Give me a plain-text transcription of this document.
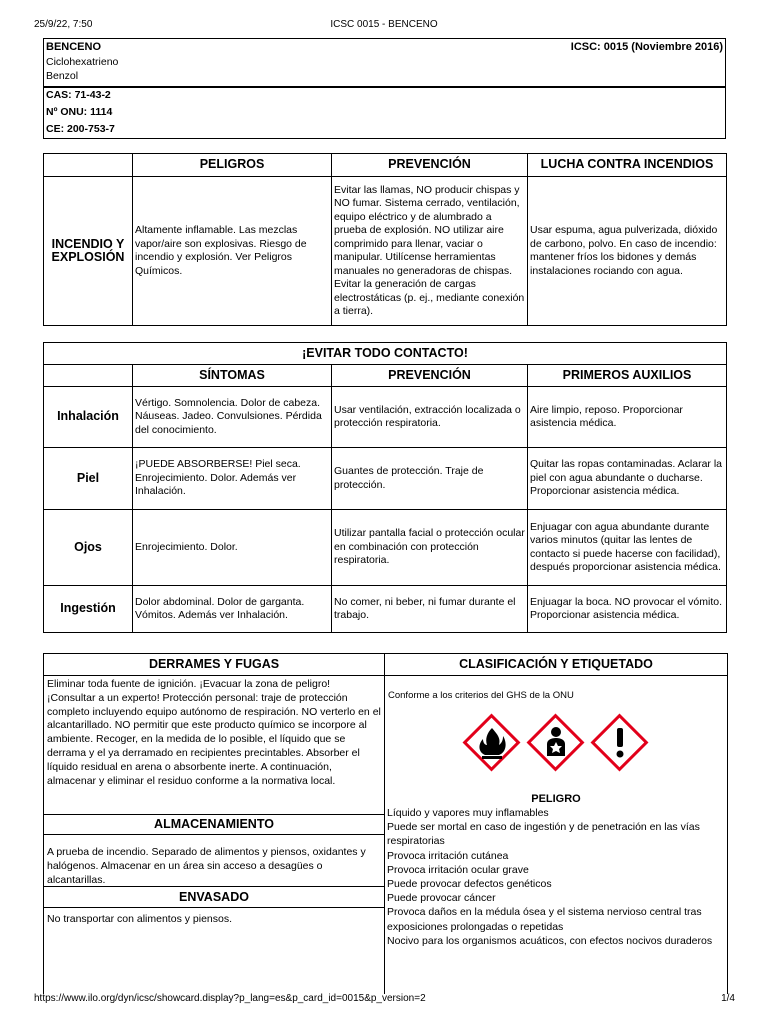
25/9/22, 7:50	ICSC 0015 - BENCENO
BENCENO
Ciclohexatrieno
Benzol
ICSC: 0015 (Noviembre 2016)
CAS: 71-43-2
Nº ONU: 1114
CE: 200-753-7
	PELIGROS	PREVENCIÓN	LUCHA CONTRA INCENDIOS
INCENDIO Y EXPLOSIÓN	Altamente inflamable. Las mezclas vapor/aire son explosivas. Riesgo de incendio y explosión. Ver Peligros Químicos.	Evitar las llamas, NO producir chispas y NO fumar. Sistema cerrado, ventilación, equipo eléctrico y de alumbrado a prueba de explosión. NO utilizar aire comprimido para llenar, vaciar o manipular. Utilícense herramientas manuales no generadoras de chispas. Evitar la generación de cargas electrostáticas (p. ej., mediante conexión a tierra).	Usar espuma, agua pulverizada, dióxido de carbono, polvo. En caso de incendio: mantener fríos los bidones y demás instalaciones rociando con agua.
¡EVITAR TODO CONTACTO!			
	SÍNTOMAS	PREVENCIÓN	PRIMEROS AUXILIOS
Inhalación	Vértigo. Somnolencia. Dolor de cabeza. Náuseas. Jadeo. Convulsiones. Pérdida del conocimiento.	Usar ventilación, extracción localizada o protección respiratoria.	Aire limpio, reposo. Proporcionar asistencia médica.
Piel	¡PUEDE ABSORBERSE! Piel seca. Enrojecimiento. Dolor. Además ver Inhalación.	Guantes de protección. Traje de protección.	Quitar las ropas contaminadas. Aclarar la piel con agua abundante o ducharse. Proporcionar asistencia médica.
Ojos	Enrojecimiento. Dolor.	Utilizar pantalla facial o protección ocular en combinación con protección respiratoria.	Enjuagar con agua abundante durante varios minutos (quitar las lentes de contacto si puede hacerse con facilidad), después proporcionar asistencia médica.
Ingestión	Dolor abdominal. Dolor de garganta. Vómitos. Además ver Inhalación.	No comer, ni beber, ni fumar durante el trabajo.	Enjuagar la boca. NO provocar el vómito. Proporcionar asistencia médica.
DERRAMES Y FUGAS
Eliminar toda fuente de ignición. ¡Evacuar la zona de peligro! ¡Consultar a un experto! Protección personal: traje de protección completo incluyendo equipo autónomo de respiración. NO verterlo en el alcantarillado. NO permitir que este producto químico se incorpore al ambiente. Recoger, en la medida de lo posible, el líquido que se derrama y el ya derramado en recipientes precintables. Absorber el líquido residual en arena o absorbente inerte. A continuación, almacenar y eliminar el residuo conforme a la normativa local.
ALMACENAMIENTO
A prueba de incendio. Separado de alimentos y piensos, oxidantes y halógenos. Almacenar en un área sin acceso a desagües o alcantarillas.
ENVASADO
No transportar con alimentos y piensos.
CLASIFICACIÓN Y ETIQUETADO
Conforme a los criterios del GHS de la ONU
PELIGRO
Líquido y vapores muy inflamables
Puede ser mortal en caso de ingestión y de penetración en las vías respiratorias
Provoca irritación cutánea
Provoca irritación ocular grave
Puede provocar defectos genéticos
Puede provocar cáncer
Provoca daños en la médula ósea y el sistema nervioso central tras exposiciones prolongadas o repetidas
Nocivo para los organismos acuáticos, con efectos nocivos duraderos
https://www.ilo.org/dyn/icsc/showcard.display?p_lang=es&p_card_id=0015&p_version=2	1/4
